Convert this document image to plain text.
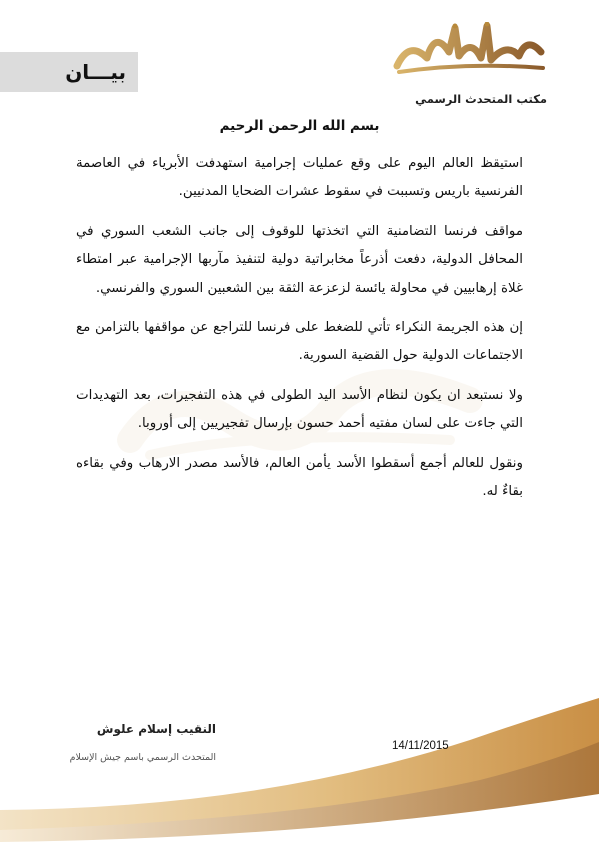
بيـــان
مكتب المتحدث الرسمي
بسم الله الرحمن الرحيم

استيقظ العالم اليوم على وقع عمليات إجرامية استهدفت الأبرياء في العاصمة الفرنسية باريس وتسببت في سقوط عشرات الضحايا المدنيين.

مواقف فرنسا التضامنية التي اتخذتها للوقوف إلى جانب الشعب السوري في المحافل الدولية، دفعت أذرعاً مخابراتية دولية لتنفيذ مآربها الإجرامية عبر امتطاء غلاة إرهابيين في محاولة يائسة لزعزعة الثقة بين الشعبين السوري والفرنسي.

إن هذه الجريمة النكراء تأتي للضغط على فرنسا للتراجع عن مواقفها بالتزامن مع الاجتماعات الدولية حول القضية السورية.

ولا نستبعد ان يكون لنظام الأسد اليد الطولى في هذه التفجيرات، بعد التهديدات التي جاءت على لسان مفتيه أحمد حسون بإرسال تفجيريين إلى أوروبا.

ونقول للعالم أجمع أسقطوا الأسد يأمن العالم، فالأسد مصدر الارهاب وفي بقاءه بقاءٌ له.

النقيب إسلام علوش
المتحدث الرسمي باسم جيش الإسلام
14/11/2015
